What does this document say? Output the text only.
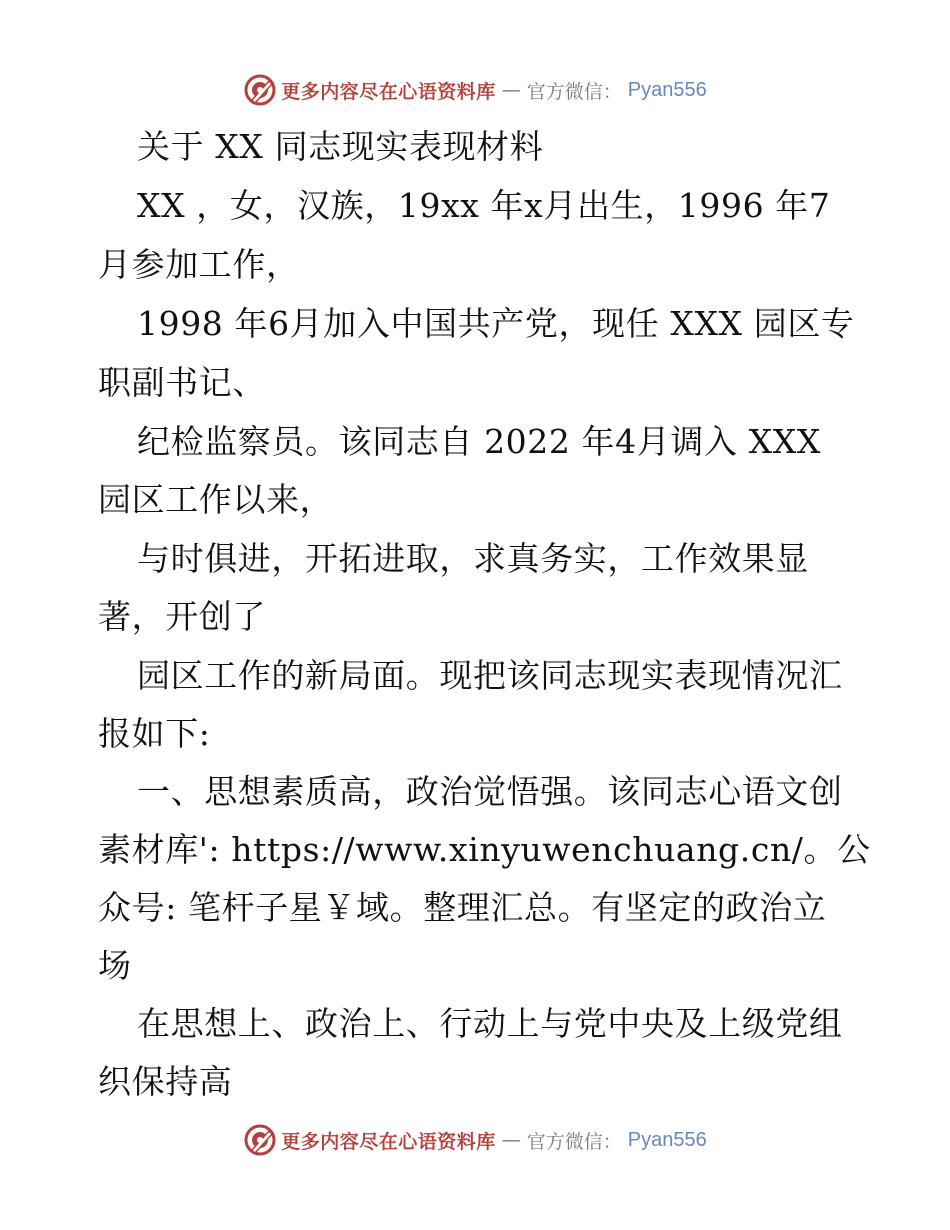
更多内容尽在心语资料库 — 官方微信： Pyan556
关于 XX 同志现实表现材料
XX ，女，汉族，19xx 年x月出生，1996 年7
月参加工作，
1998 年6月加入中国共产党，现任 XXX 园区专
职副书记、
纪检监察员。该同志自 2022 年4月调入 XXX
园区工作以来，
与时俱进，开拓进取，求真务实，工作效果显
著，开创了
园区工作的新局面。现把该同志现实表现情况汇
报如下:
一、思想素质高，政治觉悟强。该同志心语文创
素材库': https://www.xinyuwenchuang.cn/。公
众号: 笔杆子星￥域。整理汇总。有坚定的政治立
场
在思想上、政治上、行动上与党中央及上级党组
织保持高
更多内容尽在心语资料库 — 官方微信： Pyan556
